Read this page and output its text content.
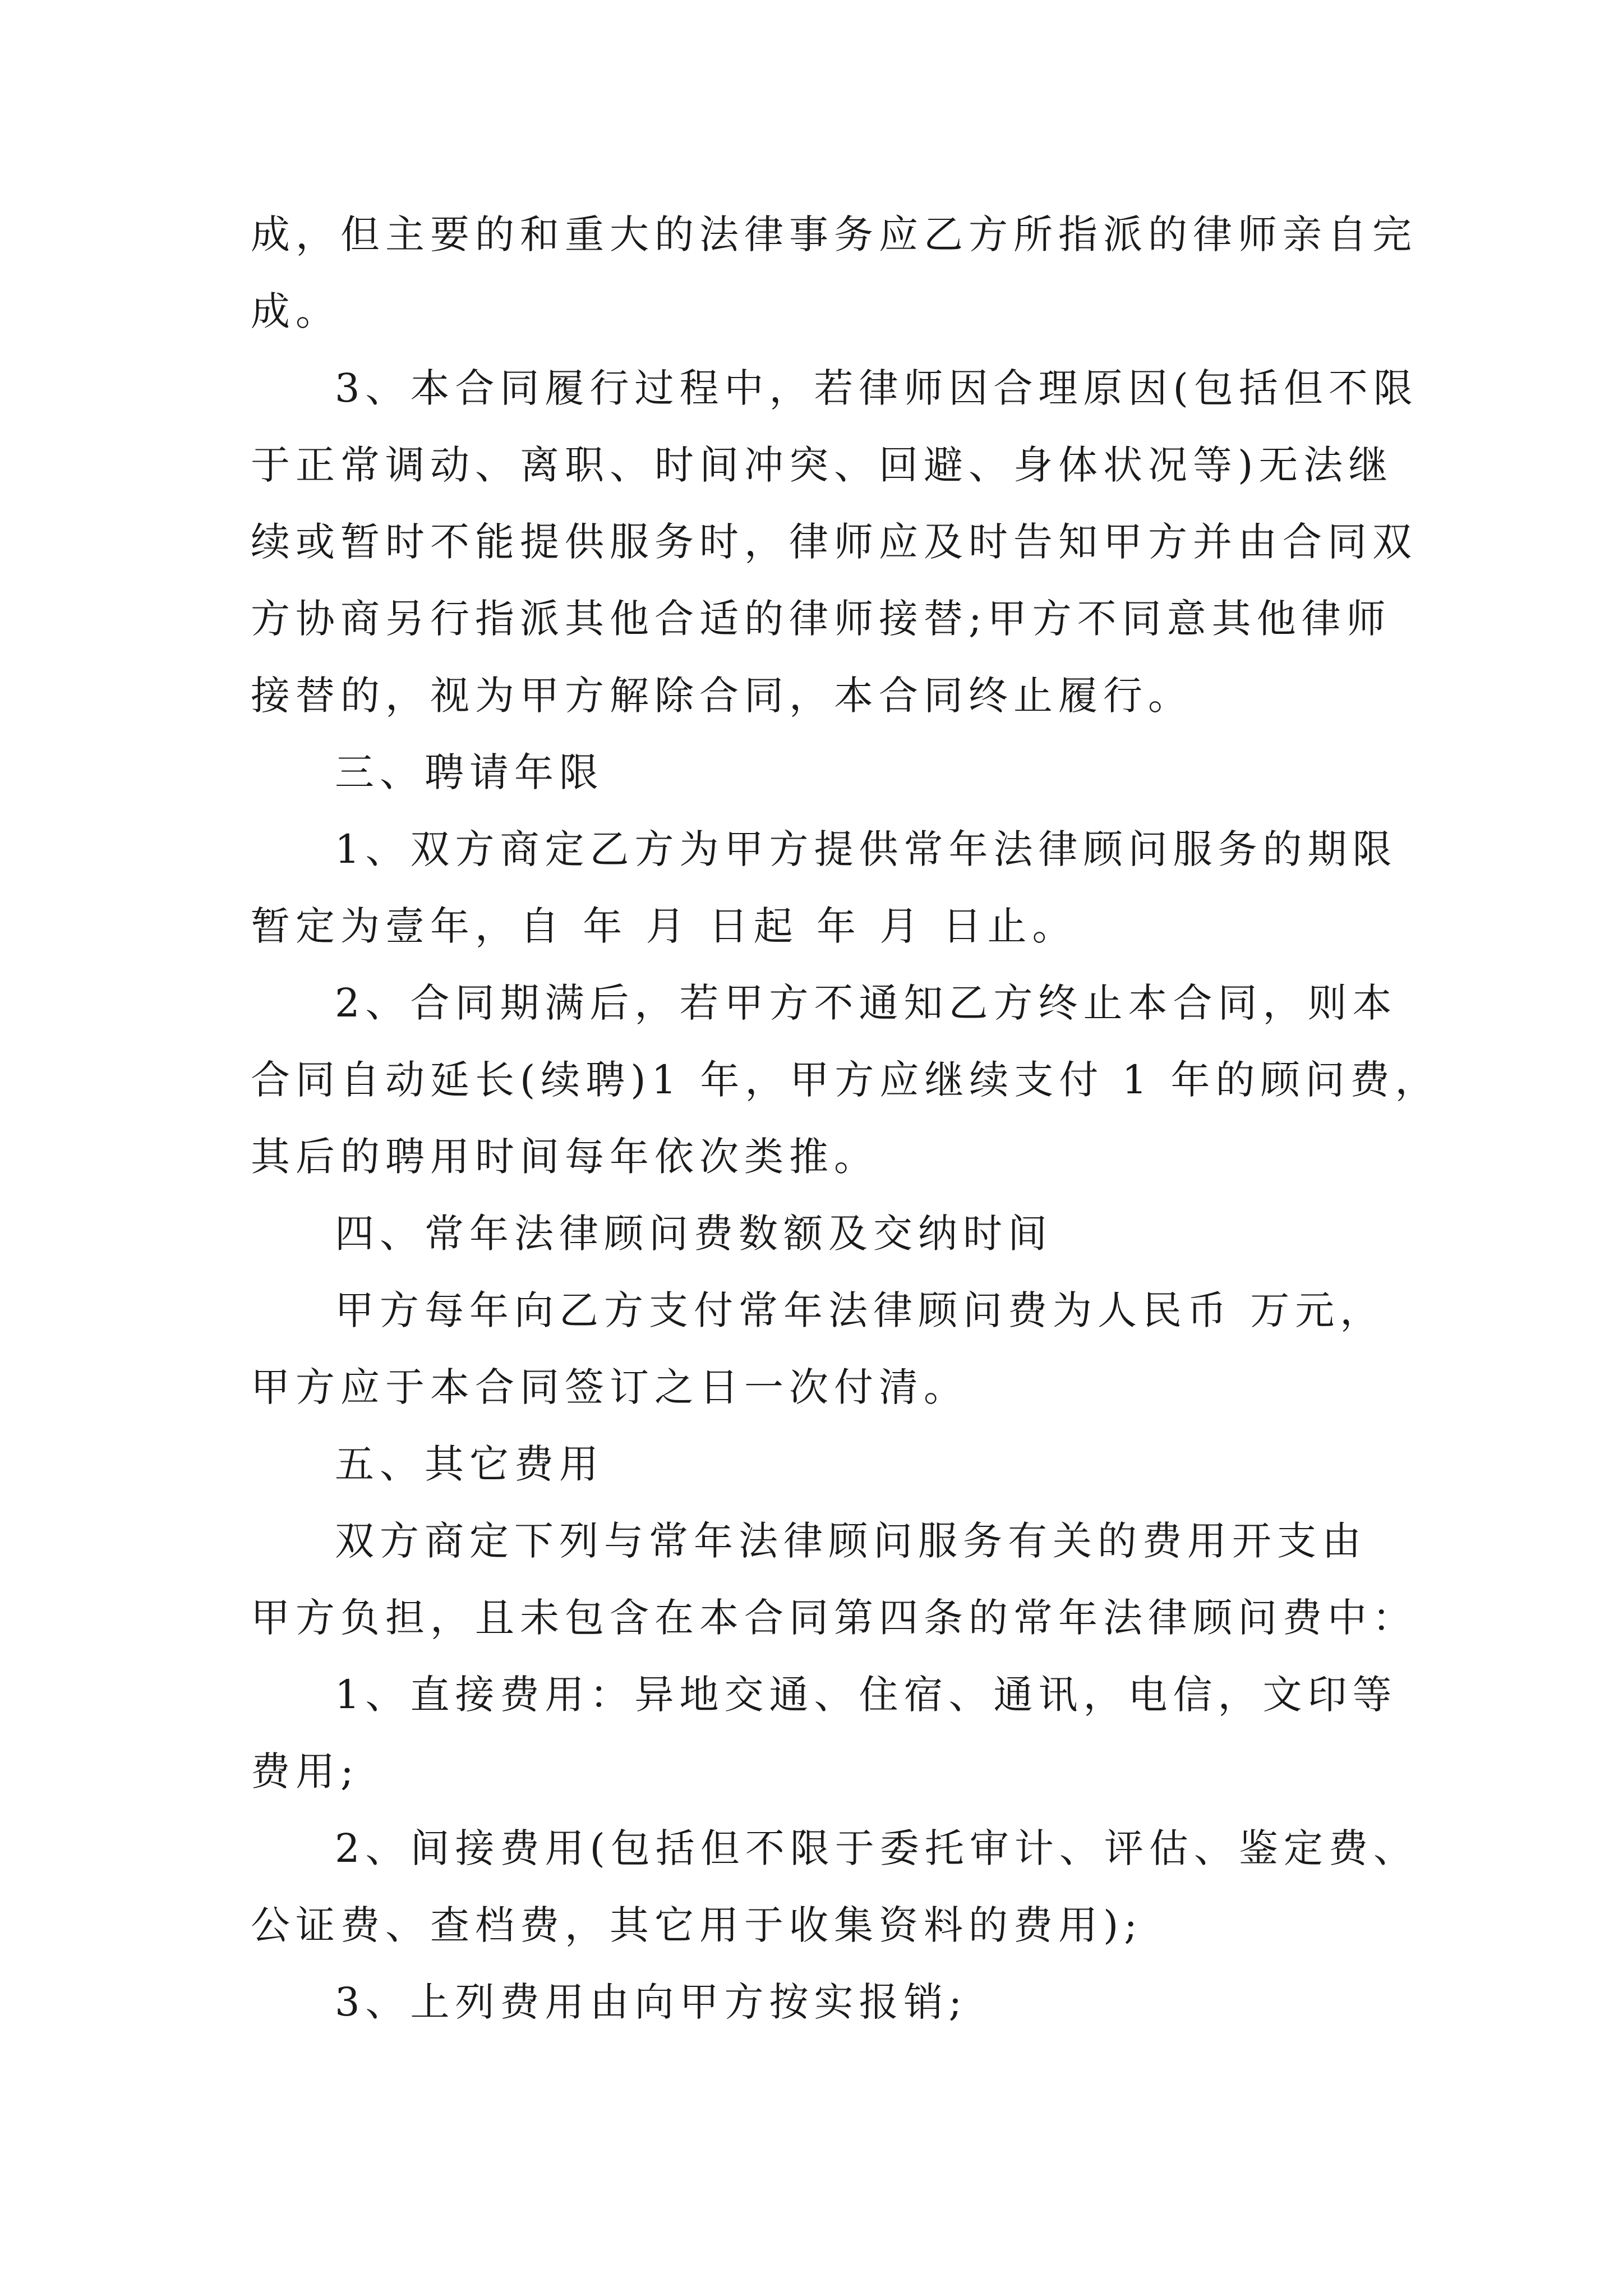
成，但主要的和重大的法律事务应乙方所指派的律师亲自完
成。
3、本合同履行过程中，若律师因合理原因(包括但不限
于正常调动、离职、时间冲突、回避、身体状况等)无法继
续或暂时不能提供服务时，律师应及时告知甲方并由合同双
方协商另行指派其他合适的律师接替;甲方不同意其他律师
接替的，视为甲方解除合同，本合同终止履行。
三、聘请年限
1、双方商定乙方为甲方提供常年法律顾问服务的期限
暂定为壹年，自 年 月 日起 年 月 日止。
2、合同期满后，若甲方不通知乙方终止本合同，则本
合同自动延长(续聘)1 年，甲方应继续支付 1 年的顾问费，
其后的聘用时间每年依次类推。
四、常年法律顾问费数额及交纳时间
甲方每年向乙方支付常年法律顾问费为人民币 万元，
甲方应于本合同签订之日一次付清。
五、其它费用
双方商定下列与常年法律顾问服务有关的费用开支由
甲方负担，且未包含在本合同第四条的常年法律顾问费中：
1、直接费用：异地交通、住宿、通讯，电信，文印等
费用;
2、间接费用(包括但不限于委托审计、评估、鉴定费、
公证费、查档费，其它用于收集资料的费用);
3、上列费用由向甲方按实报销;
